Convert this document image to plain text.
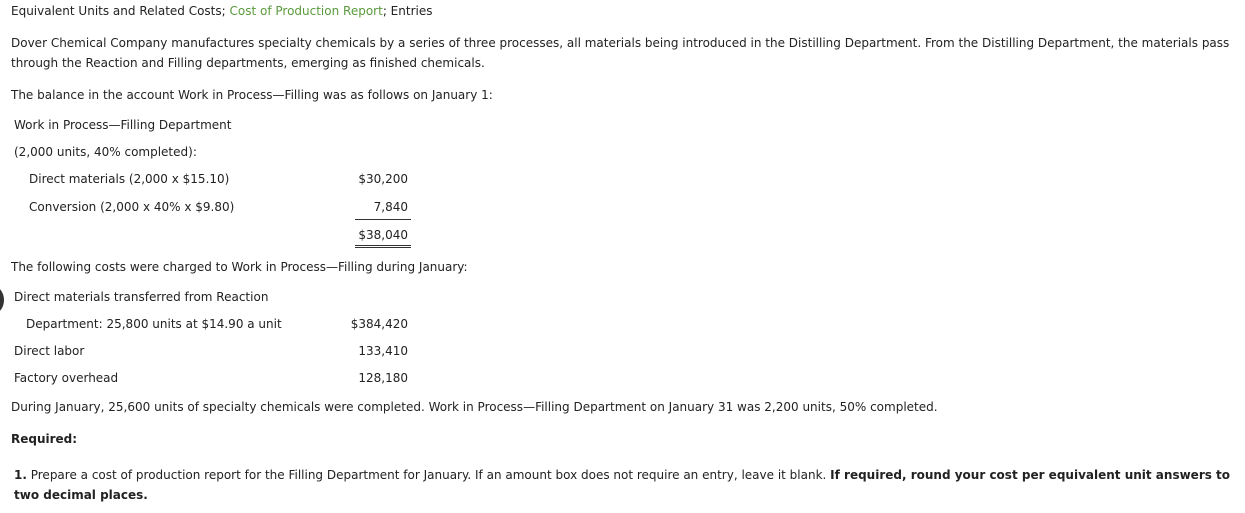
Equivalent Units and Related Costs; Cost of Production Report; Entries
Dover Chemical Company manufactures specialty chemicals by a series of three processes, all materials being introduced in the Distilling Department. From the Distilling Department, the materials pass through the Reaction and Filling departments, emerging as finished chemicals.
The balance in the account Work in Process—Filling was as follows on January 1:
Work in Process—Filling Department
(2,000 units, 40% completed):
Direct materials (2,000 x $15.10)	$30,200
Conversion (2,000 x 40% x $9.80)	7,840
$38,040
The following costs were charged to Work in Process—Filling during January:
Direct materials transferred from Reaction
Department: 25,800 units at $14.90 a unit	$384,420
Direct labor	133,410
Factory overhead	128,180
During January, 25,600 units of specialty chemicals were completed. Work in Process—Filling Department on January 31 was 2,200 units, 50% completed.
Required:
1. Prepare a cost of production report for the Filling Department for January. If an amount box does not require an entry, leave it blank. If required, round your cost per equivalent unit answers to two decimal places.
